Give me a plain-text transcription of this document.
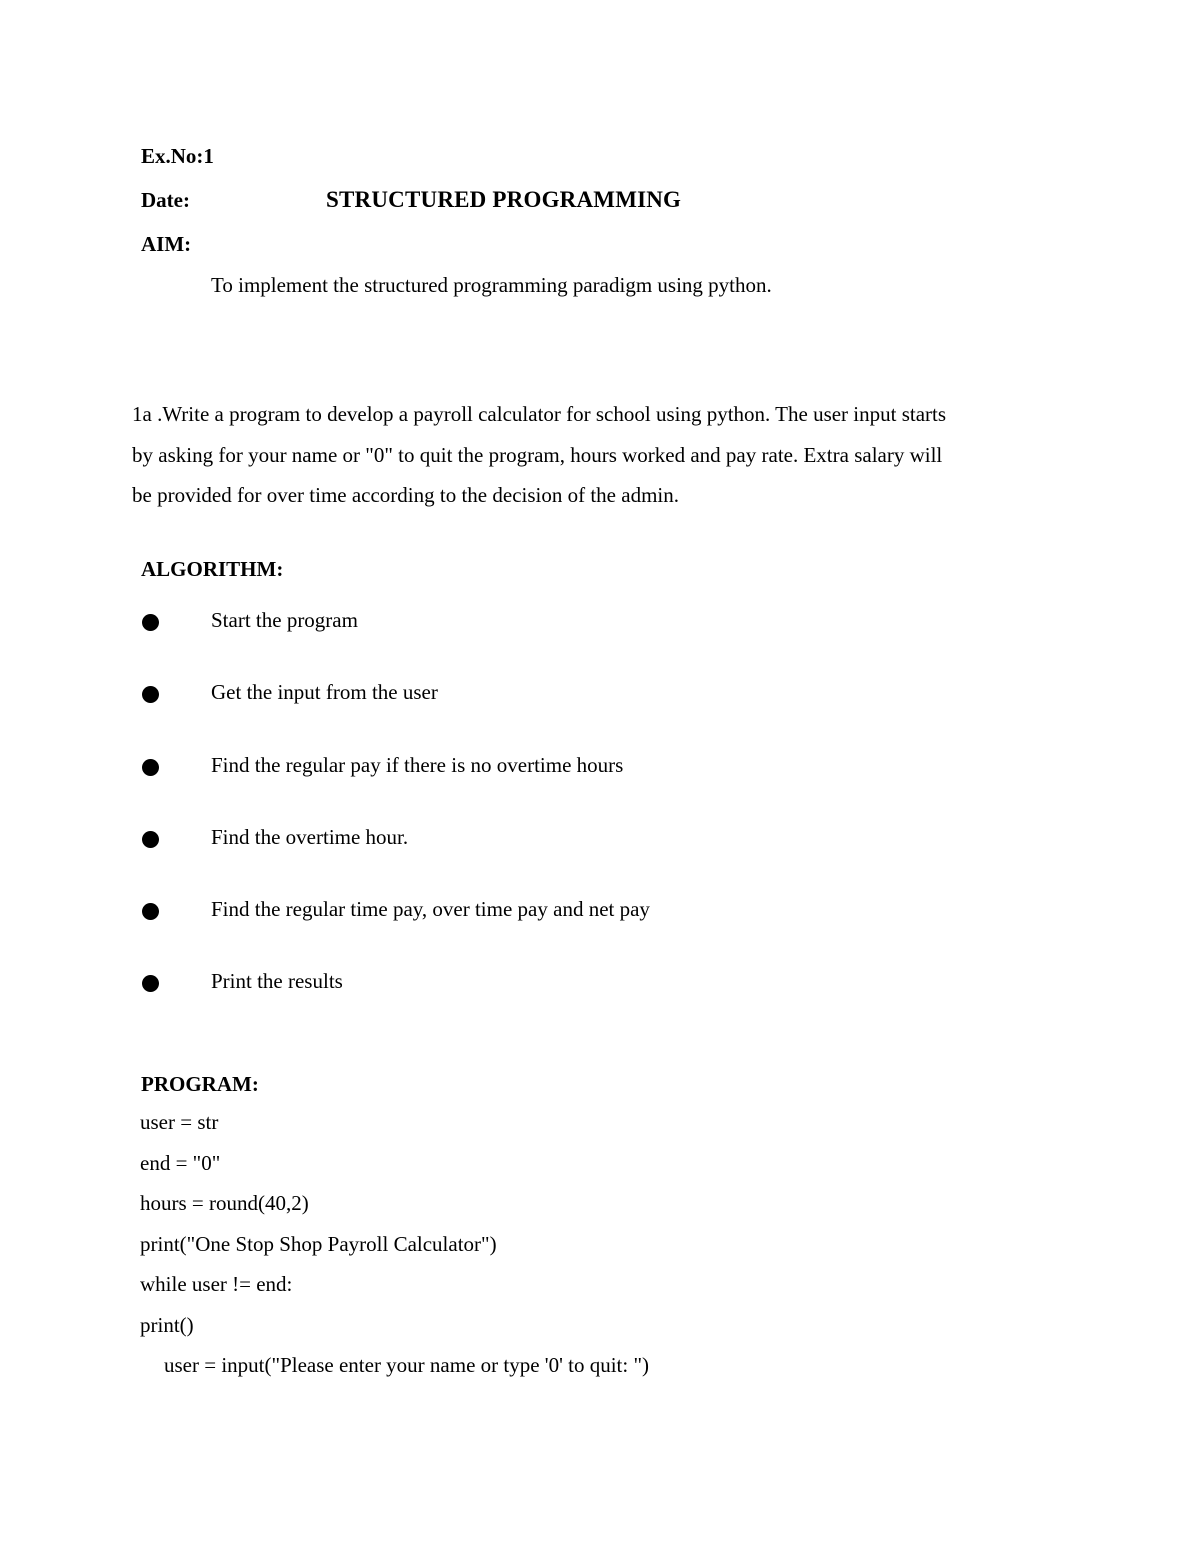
Ex.No:1
Date:	STRUCTURED PROGRAMMING
AIM:
To implement the structured programming paradigm using python.
1a .Write a program to develop a payroll calculator for school using python. The user input starts
by asking for your name or "0" to quit the program, hours worked and pay rate. Extra salary will
be provided for over time according to the decision of the admin.
ALGORITHM:
Start the program
Get the input from the user
Find the regular pay if there is no overtime hours
Find the overtime hour.
Find the regular time pay, over time pay and net pay
Print the results
PROGRAM:
user = str
end = "0"
hours = round(40,2)
print("One Stop Shop Payroll Calculator")
while user != end:
print()
user = input("Please enter your name or type '0' to quit: ")
